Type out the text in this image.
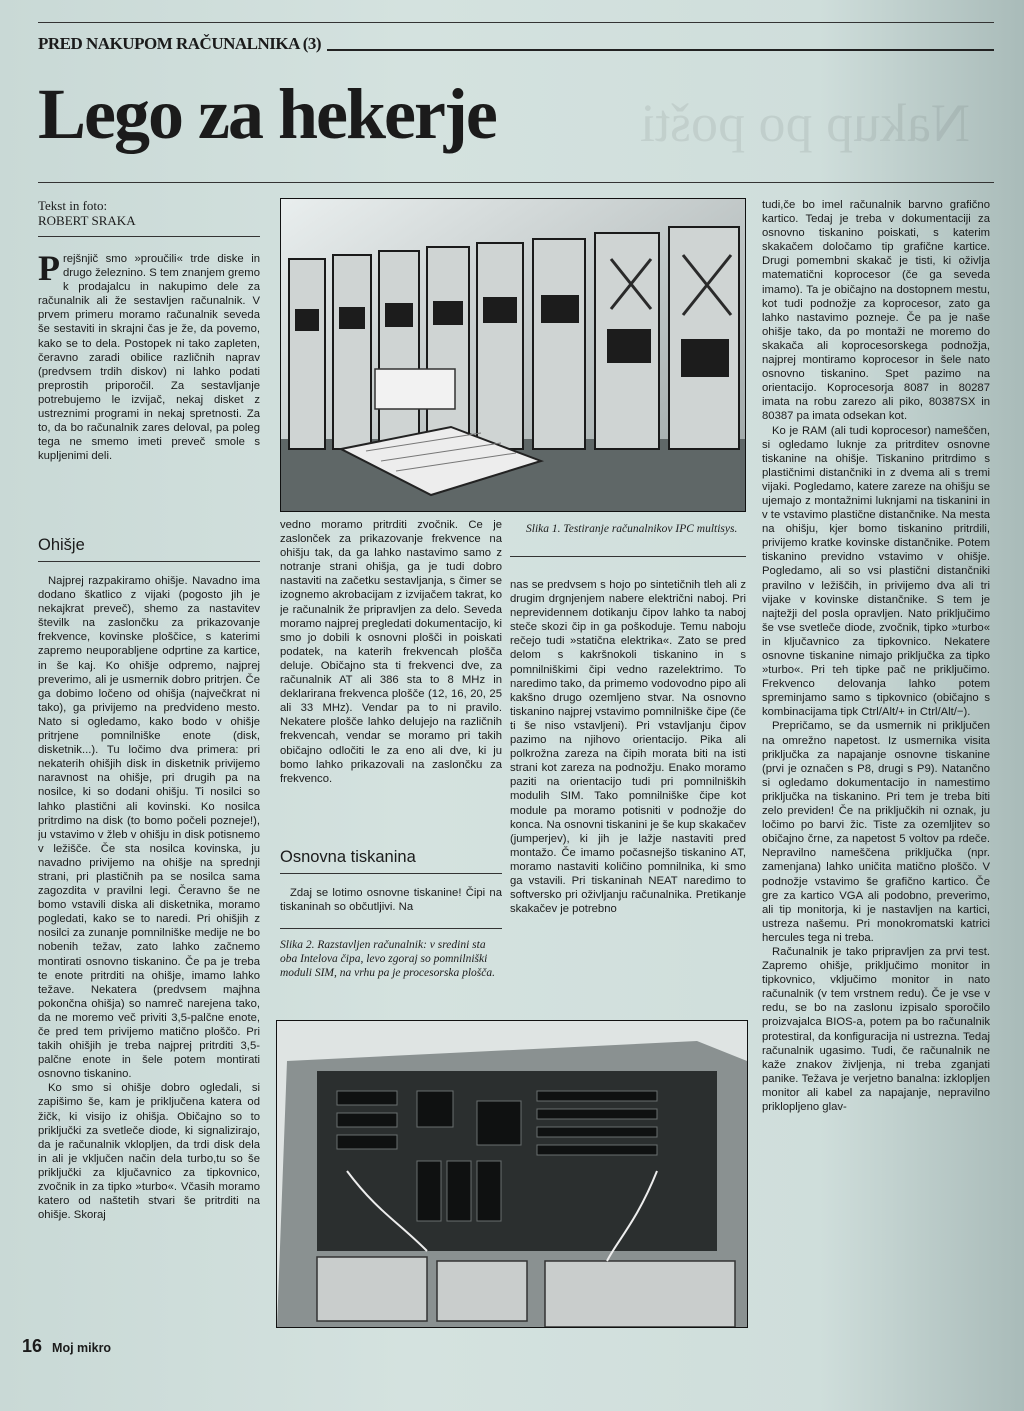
PRED NAKUPOM RAČUNALNIKA (3)
Lego za hekerje	Nakup po pošti
Tekst in foto:
ROBERT SRAKA
P rejšnjič smo »proučili« trde diske in drugo železnino. S tem znanjem gremo k prodajalcu in nakupimo dele za računalnik ali že sestavljen računalnik. V prvem primeru moramo računalnik seveda še sestaviti in skrajni čas je že, da povemo, kako se to dela. Postopek ni tako zapleten, čeravno zaradi obilice različnih naprav (predvsem trdih diskov) ni lahko podati preprostih priporočil. Za sestavljanje potrebujemo le izvijač, nekaj disket z ustreznimi programi in nekaj spretnosti. Za to, da bo računalnik zares deloval, pa poleg tega ne smemo imeti preveč smole s kupljenimi deli.
Ohišje

Najprej razpakiramo ohišje. Navadno ima dodano škatlico z vijaki (pogosto jih je nekajkrat preveč), shemo za nastavitev številk na zaslončku za prikazovanje frekvence, kovinske ploščice, s katerimi zapremo neuporabljene odprtine za kartice, in še kaj. Ko ohišje odpremo, najprej preverimo, ali je usmernik dobro pritrjen. Če ga dobimo ločeno od ohišja (največkrat ni tako), ga privijemo na predvideno mesto. Nato si ogledamo, kako bodo v ohišje pritrjene pomnilniške enote (disk, disketnik...). Tu ločimo dva primera: pri nekaterih ohišjih disk in disketnik privijemo naravnost na ohišje, pri drugih pa na nosilce, ki so dodani ohišju. Ti nosilci so lahko plastični ali kovinski. Ko nosilca pritrdimo na disk (to bomo počeli pozneje!), ju vstavimo v žleb v ohišju in disk potisnemo v ležišče. Če sta nosilca kovinska, ju navadno privijemo na ohišje na sprednji strani, pri plastičnih pa se nosilca sama zagozdita v pravilni legi. Čeravno še ne bomo vstavili diska ali disketnika, moramo pogledati, kako se to naredi. Pri ohišjih z nosilci za zunanje pomnilniške medije ne bo nobenih težav, zato lahko začnemo montirati osnovno tiskanino. Če pa je treba te enote pritrditi na ohišje, imamo lahko težave. Nekatera (predvsem majhna pokončna ohišja) so namreč narejena tako, da ne moremo več priviti 3,5-palčne enote, če pred tem privijemo matično ploščo. Pri takih ohišjih je treba najprej pritrditi 3,5-palčne enote in šele potem montirati osnovno tiskanino.

Ko smo si ohišje dobro ogledali, si zapišimo še, kam je priključena katera od žičk, ki visijo iz ohišja. Običajno so to priključki za svetleče diode, ki signalizirajo, da je računalnik vklopljen, da trdi disk dela in ali je vključen način dela turbo,tu so še priključki za ključavnico za tipkovnico, zvočnik in za tipko »turbo«. Včasih moramo katero od naštetih stvari še pritrditi na ohišje. Skoraj

Slika 1. Testiranje računalnikov IPC multisys.

vedno moramo pritrditi zvočnik. Ce je zaslonček za prikazovanje frekvence na ohišju tak, da ga lahko nastavimo samo z notranje strani ohišja, ga je tudi dobro nastaviti na začetku sestavljanja, s čimer se izognemo akrobacijam z izvijačem takrat, ko je računalnik že pripravljen za delo. Seveda moramo najprej pregledati dokumentacijo, ki smo jo dobili k osnovni plošči in poiskati podatek, na katerih frekvencah plošča deluje. Običajno sta ti frekvenci dve, za računalnik AT ali 386 sta to 8 MHz in deklarirana frekvenca plošče (12, 16, 20, 25 ali 33 MHz). Vendar pa to ni pravilo. Nekatere plošče lahko delujejo na različnih frekvencah, vendar se moramo pri takih običajno odločiti le za eno ali dve, ki ju bomo lahko prikazovali na zaslončku za frekvenco.

Osnovna tiskanina

Zdaj se lotimo osnovne tiskanine! Čipi na tiskaninah so občutljivi. Na

Slika 2. Razstavljen računalnik: v sredini sta oba Intelova čipa, levo zgoraj so pomnilniški moduli SIM, na vrhu pa je procesorska plošča.

nas se predvsem s hojo po sintetičnih tleh ali z drugim drgnjenjem nabere električni naboj. Pri neprevidennem dotikanju čipov lahko ta naboj steče skozi čip in ga poškoduje. Temu naboju rečejo tudi »statična elektrika«. Zato se pred delom s kakršnokoli tiskanino in s pomnilniškimi čipi vedno razelektrimo. To naredimo tako, da primemo vodovodno pipo ali kakšno drugo ozemljeno stvar. Na osnovno tiskanino najprej vstavimo pomnilniške čipe (če ti še niso vstavljeni). Pri vstavljanju čipov pazimo na njihovo orientacijo. Pika ali polkrožna zareza na čipih morata biti na isti strani kot zareza na podnožju. Enako moramo paziti na orientacijo tudi pri pomnilniških modulih SIM. Tako pomnilniške čipe kot module pa moramo potisniti v podnožje do konca. Na osnovni tiskanini je še kup skakačev (jumperjev), ki jih je lažje nastaviti pred montažo. Če imamo počasnejšo tiskanino AT, moramo nastaviti količino pomnilnika, ki smo ga vstavili. Pri tiskaninah NEAT naredimo to softversko pri oživljanju računalnika. Pretikanje skakačev je potrebno

tudi,če bo imel računalnik barvno grafično kartico. Tedaj je treba v dokumentaciji za osnovno tiskanino poiskati, s katerim skakačem določamo tip grafične kartice. Drugi pomembni skakač je tisti, ki oživlja matematični koprocesor (če ga seveda imamo). Ta je običajno na dostopnem mestu, kot tudi podnožje za koprocesor, zato ga lahko nastavimo pozneje. Če pa je naše ohišje tako, da po montaži ne moremo do skakača ali koprocesorskega podnožja, najprej montiramo koprocesor in šele nato osnovno tiskanino. Spet pazimo na orientacijo. Koprocesorja 8087 in 80287 imata na robu zarezo ali piko, 80387SX in 80387 pa imata odsekan kot.

Ko je RAM (ali tudi koprocesor) nameščen, si ogledamo luknje za pritrditev osnovne tiskanine na ohišje. Tiskanino pritrdimo s plastičnimi distančniki in z dvema ali s tremi vijaki. Pogledamo, katere zareze na ohišju se ujemajo z montažnimi luknjami na tiskanini in v te vstavimo plastične distančnike. Na mesta na ohišju, kjer bomo tiskanino pritrdili, privijemo kratke kovinske distančnike. Potem tiskanino previdno vstavimo v ohišje. Pogledamo, ali so vsi plastični distančniki pravilno v ležiščih, in privijemo dva ali tri vijake v kovinske distančnike. S tem je najtežji del posla opravljen. Nato priključimo še vse svetleče diode, zvočnik, tipko »turbo« in ključavnico za tipkovnico. Nekatere osnovne tiskanine nimajo priključka za tipko »turbo«. Pri teh tipke pač ne priključimo. Frekvenco delovanja lahko potem spreminjamo samo s tipkovnico (običajno s kombinacijama tipk Ctrl/Alt/+ in Ctrl/Alt/−).

Prepričamo, se da usmernik ni priključen na omrežno napetost. Iz usmernika visita priključka za napajanje osnovne tiskanine (prvi je označen s P8, drugi s P9). Natančno si ogledamo dokumentacijo in namestimo priključka na tiskanino. Pri tem je treba biti zelo previden! Če na priključkih ni oznak, ju ločimo po barvi žic. Tiste za ozemljitev so običajno črne, za napetost 5 voltov pa rdeče. Nepravilno nameščena priključka (npr. zamenjana) lahko uničita matično ploščo. V podnožje vstavimo še grafično kartico. Če gre za kartico VGA ali podobno, preverimo, ali tip monitorja, ki je nastavljen na kartici, ustreza našemu. Pri monokromatski katrici hercules tega ni treba.

Računalnik je tako pripravljen za prvi test. Zapremo ohišje, priključimo monitor in tipkovnico, vključimo monitor in nato računalnik (v tem vrstnem redu). Če je vse v redu, se bo na zaslonu izpisalo sporočilo proizvajalca BIOS-a, potem pa bo računalnik protestiral, da konfiguracija ni ustrezna. Tedaj računalnik ugasimo. Tudi, če računalnik ne kaže znakov življenja, ni treba zganjati panike. Težava je verjetno banalna: izklopljen monitor ali kabel za napajanje, nepravilno priklopljeno glav-

16 Moj mikro
